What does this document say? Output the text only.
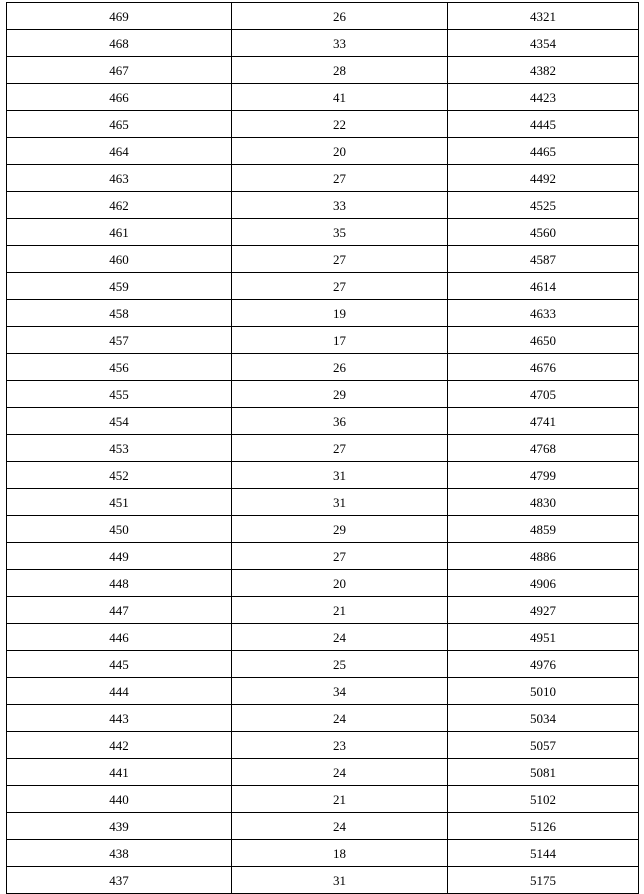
469	26	4321
468	33	4354
467	28	4382
466	41	4423
465	22	4445
464	20	4465
463	27	4492
462	33	4525
461	35	4560
460	27	4587
459	27	4614
458	19	4633
457	17	4650
456	26	4676
455	29	4705
454	36	4741
453	27	4768
452	31	4799
451	31	4830
450	29	4859
449	27	4886
448	20	4906
447	21	4927
446	24	4951
445	25	4976
444	34	5010
443	24	5034
442	23	5057
441	24	5081
440	21	5102
439	24	5126
438	18	5144
437	31	5175
